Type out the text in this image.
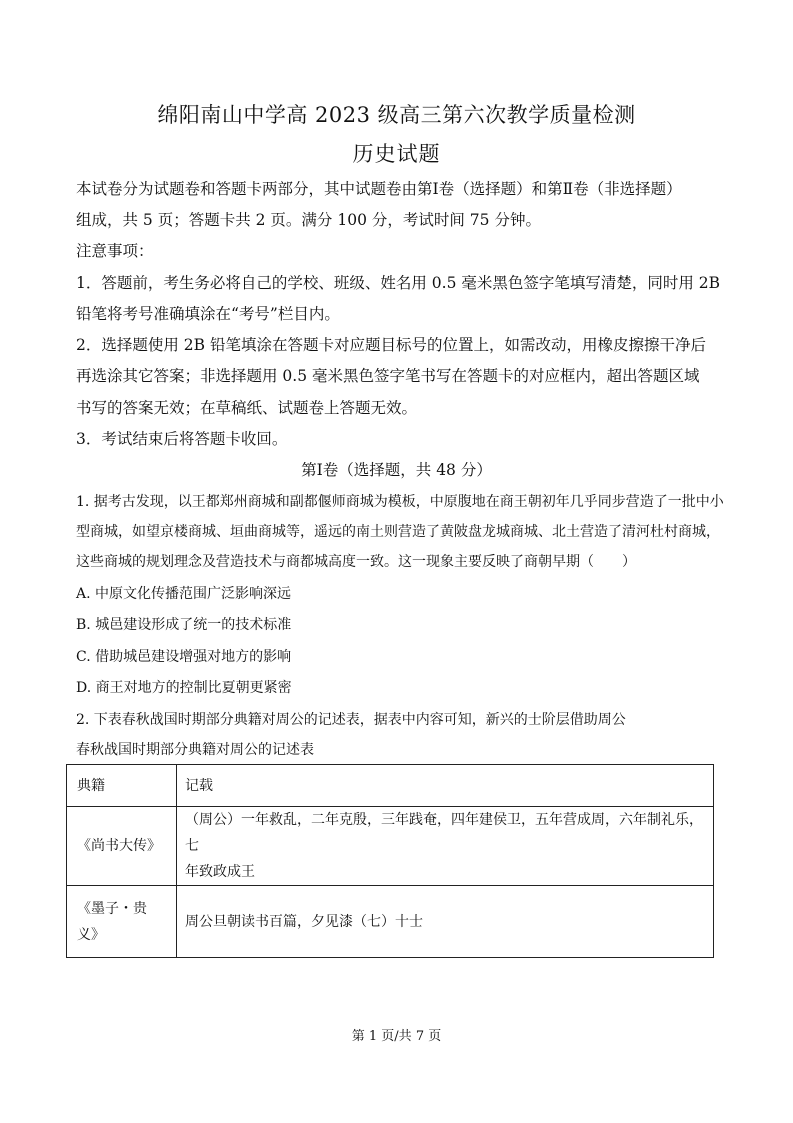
绵阳南山中学高 2023 级高三第六次教学质量检测
历史试题
本试卷分为试题卷和答题卡两部分，其中试题卷由第Ⅰ卷（选择题）和第Ⅱ卷（非选择题）
组成，共 5 页；答题卡共 2 页。满分 100 分，考试时间 75 分钟。
注意事项：
1．答题前，考生务必将自己的学校、班级、姓名用 0.5 毫米黑色签字笔填写清楚，同时用 2B
铅笔将考号准确填涂在“考号”栏目内。
2．选择题使用 2B 铅笔填涂在答题卡对应题目标号的位置上，如需改动，用橡皮擦擦干净后
再选涂其它答案；非选择题用 0.5 毫米黑色签字笔书写在答题卡的对应框内，超出答题区域
书写的答案无效；在草稿纸、试题卷上答题无效。
3．考试结束后将答题卡收回。
第Ⅰ卷（选择题，共 48 分）
1. 据考古发现，以王都郑州商城和副都偃师商城为模板，中原腹地在商王朝初年几乎同步营造了一批中小
型商城，如望京楼商城、垣曲商城等，遥远的南土则营造了黄陂盘龙城商城、北土营造了清河杜村商城，
这些商城的规划理念及营造技术与商都城高度一致。这一现象主要反映了商朝早期（　　）
A. 中原文化传播范围广泛影响深远
B. 城邑建设形成了统一的技术标准
C. 借助城邑建设增强对地方的影响
D. 商王对地方的控制比夏朝更紧密
2. 下表春秋战国时期部分典籍对周公的记述表，据表中内容可知，新兴的士阶层借助周公
春秋战国时期部分典籍对周公的记述表
典籍	记载
《尚书大传》	（周公）一年救乱，二年克殷，三年践奄，四年建侯卫，五年营成周，六年制礼乐，七
年致政成王

《墨子・贵
义》	周公旦朝读书百篇，夕见漆（七）十士
第 1 页/共 7 页
